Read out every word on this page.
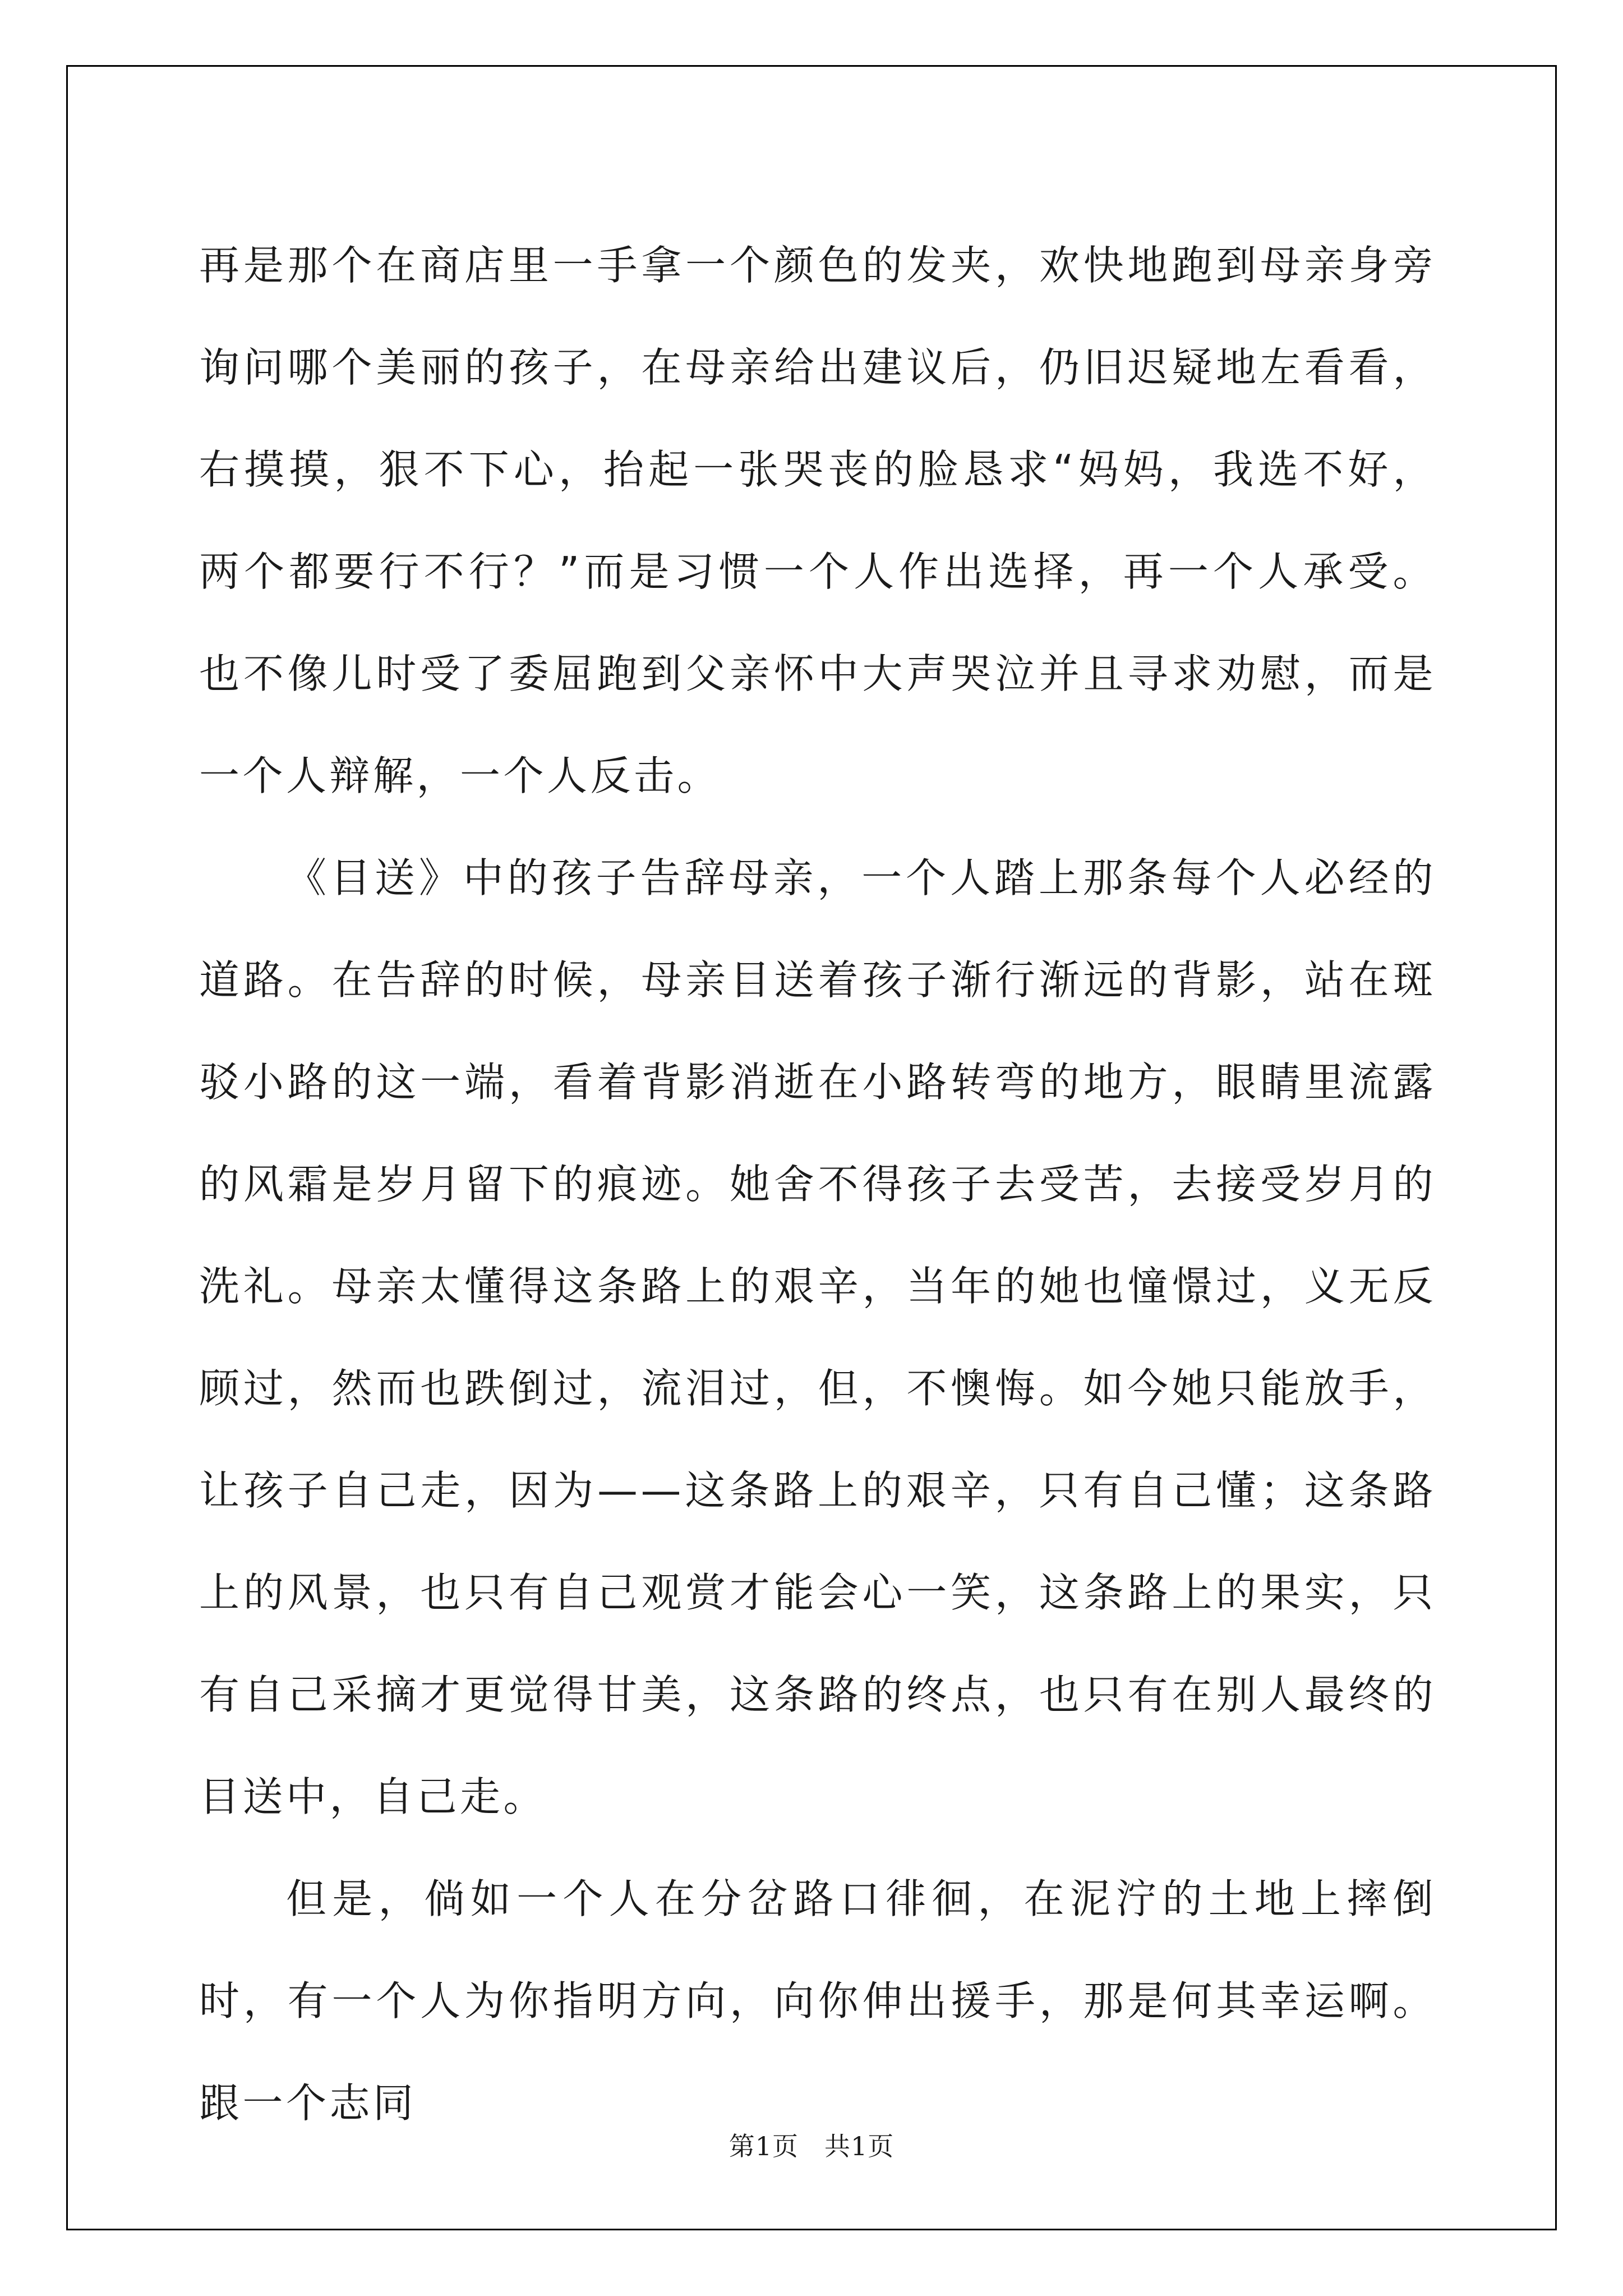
再是那个在商店里一手拿一个颜色的发夹，欢快地跑到母亲身旁询问哪个美丽的孩子，在母亲给出建议后，仍旧迟疑地左看看，右摸摸，狠不下心，抬起一张哭丧的脸恳求“妈妈，我选不好，两个都要行不行？”而是习惯一个人作出选择，再一个人承受。也不像儿时受了委屈跑到父亲怀中大声哭泣并且寻求劝慰，而是一个人辩解，一个人反击。

《目送》中的孩子告辞母亲，一个人踏上那条每个人必经的道路。在告辞的时候，母亲目送着孩子渐行渐远的背影，站在斑驳小路的这一端，看着背影消逝在小路转弯的地方，眼睛里流露的风霜是岁月留下的痕迹。她舍不得孩子去受苦，去接受岁月的洗礼。母亲太懂得这条路上的艰辛，当年的她也憧憬过，义无反顾过，然而也跌倒过，流泪过，但，不懊悔。如今她只能放手，让孩子自己走，因为——这条路上的艰辛，只有自己懂；这条路上的风景，也只有自己观赏才能会心一笑，这条路上的果实，只有自己采摘才更觉得甘美，这条路的终点，也只有在别人最终的目送中，自己走。

但是，倘如一个人在分岔路口徘徊，在泥泞的土地上摔倒时，有一个人为你指明方向，向你伸出援手，那是何其幸运啊。跟一个志同

第1页 共1页
